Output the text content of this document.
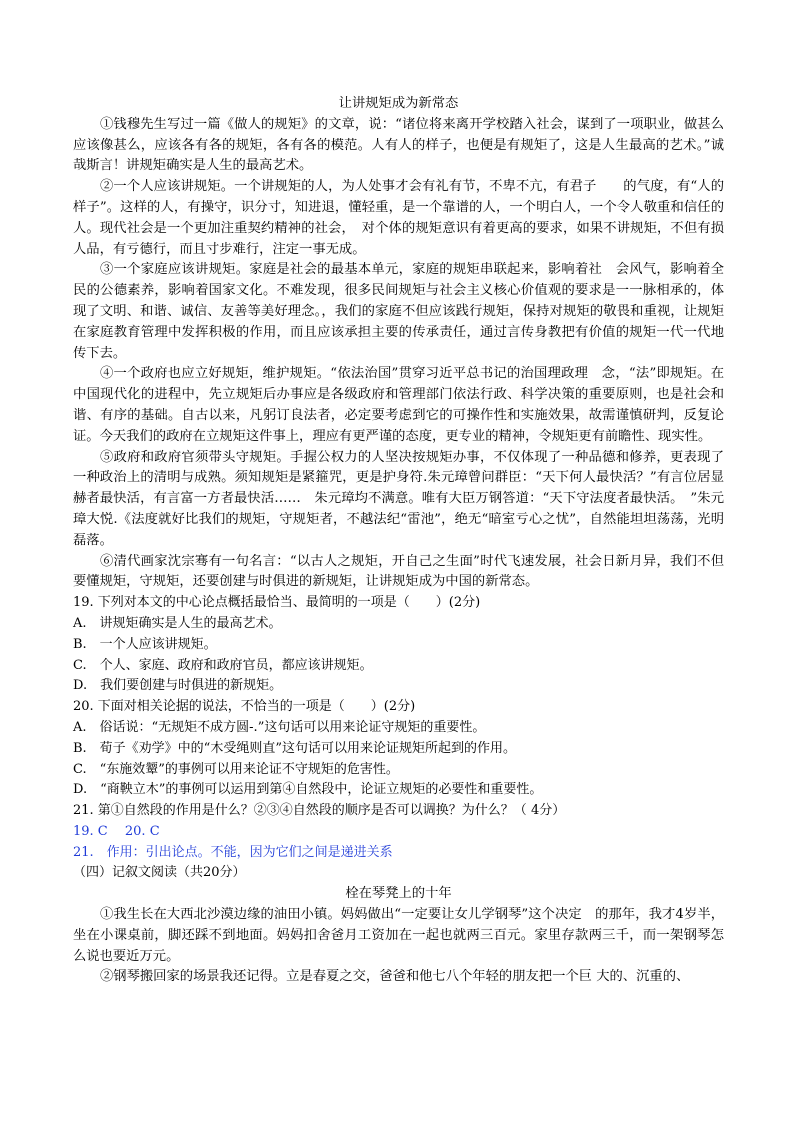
让讲规矩成为新常态

①钱穆先生写过一篇《做人的规矩》的文章，说：“诸位将来离开学校踏入社会，谋到了一项职业，做甚么应该像甚么，应该各有各的规矩，各有各的模范。人有人的样子，也便是有规矩了，这是人生最高的艺术。”诚哉斯言！讲规矩确实是人生的最高艺术。

②一个人应该讲规矩。一个讲规矩的人，为人处事才会有礼有节，不卑不亢，有君子　　的气度，有“人的样子”。这样的人，有操守，识分寸，知进退，懂轻重，是一个靠谱的人，一个明白人，一个令人敬重和信任的人。现代社会是一个更加注重契约精神的社会，　对个体的规矩意识有着更高的要求，如果不讲规矩，不但有损人品，有亏德行，而且寸步难行，注定一事无成。

③一个家庭应该讲规矩。家庭是社会的最基本单元，家庭的规矩串联起来，影响着社　会风气，影响着全民的公德素养，影响着国家文化。不难发现，很多民间规矩与社会主义核心价值观的要求是一一脉相承的，体现了文明、和谐、诚信、友善等美好理念。，我们的家庭不但应该践行规矩，保持对规矩的敬畏和重视，让规矩在家庭教育管理中发挥积极的作用，而且应该承担主要的传承责任，通过言传身教把有价值的规矩一代一代地传下去。

④一个政府也应立好规矩，维护规矩。“依法治国”贯穿习近平总书记的治国理政理　念，“法”即规矩。在中国现代化的进程中，先立规矩后办事应是各级政府和管理部门依法行政、科学决策的重要原则，也是社会和谐、有序的基础。自古以来，凡躬订良法者，必定要考虑到它的可操作性和实施效果，故需谨慎研判，反复论证。今天我们的政府在立规矩这件事上，理应有更严谨的态度，更专业的精神，令规矩更有前瞻性、现实性。

⑤政府和政府官须带头守规矩。手握公权力的人坚决按规矩办事，不仅体现了一种品德和修养，更表现了一种政治上的清明与成熟。须知规矩是紧箍咒，更是护身符.朱元璋曾问群臣：“天下何人最快活？”有言位居显赫者最快活，有言富一方者最快活……　朱元璋均不满意。唯有大臣万钢答道：“天下守法度者最快活。　”朱元璋大悦.《法度就好比我们的规矩，守规矩者，不越法纪“雷池”，绝无“暗室亏心之忧”，自然能坦坦荡荡，光明磊落。

⑥清代画家沈宗骞有一句名言：“以古人之规矩，开自己之生面”时代飞速发展，社会日新月异，我们不但要懂规矩，守规矩，还要创建与时俱进的新规矩，让讲规矩成为中国的新常态。

19. 下列对本文的中心论点概括最恰当、最简明的一项是（　　）(2分)

A.　讲规矩确实是人生的最高艺术。

B.　一个人应该讲规矩。

C.　个人、家庭、政府和政府官员，都应该讲规矩。

D.　我们要创建与时俱进的新规矩。

20. 下面对相关论据的说法，不恰当的一项是（　　）(2分)

A.　俗话说：“无规矩不成方圆-.”这句话可以用来论证守规矩的重要性。

B.　荀子《劝学》中的“木受绳则直”这句话可以用来论证规矩所起到的作用。

C.　“东施效颦”的事例可以用来论证不守规矩的危害性。

D.　“商鞅立木”的事例可以运用到第④自然段中，论证立规矩的必要性和重要性。

21. 第①自然段的作用是什么？②③④自然段的顺序是否可以调换？为什么？（ 4分）

19. C　 20. C

21.　作用：引出论点。不能，因为它们之间是递进关系

（四）记叙文阅读（共20分）

栓在琴凳上的十年

①我生长在大西北沙漠边缘的油田小镇。妈妈做出“一定要让女儿学钢琴”这个决定　的那年，我才4岁半，坐在小课桌前，脚还踩不到地面。妈妈扣舍爸月工资加在一起也就两三百元。家里存款两三千，而一架钢琴怎么说也要近万元。

②钢琴搬回家的场景我还记得。立是春夏之交，爸爸和他七八个年轻的朋友把一个巨 大的、沉重的、
